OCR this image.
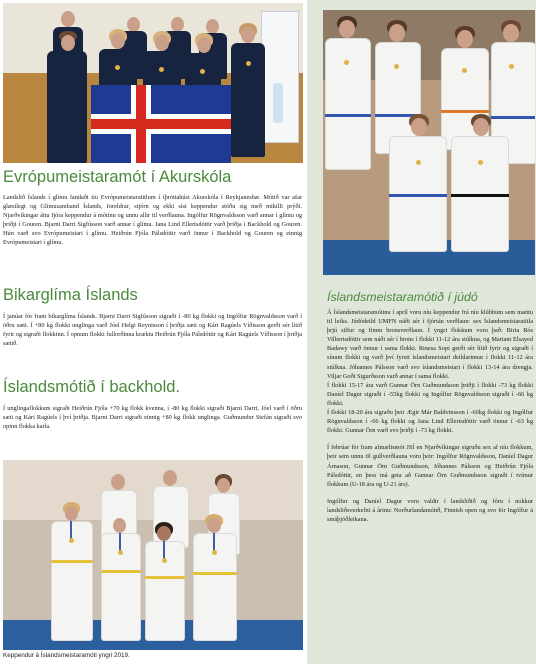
Evrópumeistaramót í Akurskóla

Landslið Íslands í glímu landaði tíu Evrópumeistaratitlum í íþróttahúsi Akurskóla í Reykjanesbæ. Mótið var afar glæsilegt og Glímusamband Íslands, foreldrar, stjórn og ekki síst keppendur stóðu sig með mikilli prýði. Njarðvíkingar áttu fjóra keppendur á mótinu og unnu allir til verðlauna. Ingólfur Rögnvaldsson varð annar í glímu og þriðji í Gouren. Bjarni Darri Sigfússon varð annar í glímu. Jana Lind Ellertsdóttir varð þriðja í Backhold og Gouren. Hún varð svo Evrópumeistari í glímu. Heiðrún Fjóla Pálsdóttir varð önnur í Backhold og Gouren og einnig Evrópumeistari í glímu.

Bikarglíma Íslands

Í janúar fór fram bikarglíma Íslands. Bjarni Darri Sigfússon sigraði í -80 kg flokki og Ingólfur Rögnvaldsson varð í öðru sæti. Í +80 kg flokki unglinga varð Jóel Helgi Reynisson í þriðja sæti og Kári Ragúels Víðisson gerði sér lítið fyrir og sigraði flokkinn. Í opnum flokki fullorðinna kræktu Heiðrún Fjóla Pálsdóttir og Kári Ragúels Víðisson í þriðja sætið.

Íslandsmótið í backhold.

Í unglingaflokkum sigraði Heiðrún Fjóla +70 kg flokk kvenna, í -80 kg flokki sigraði Bjarni Darri, Jóel varð í öðru sæti og Kári Ragúels í því þriðja. Bjarni Darri sigraði einnig +80 kg flokk unglinga. Guðmundur Stefán sigraði svo opinn flokka karla.

Keppendur á Íslandsmeistaramóti yngri 2019.
Íslandsmeistaramótið í júdó

Á Íslandsmeistaramótinu í apríl voru níu keppendur frá níu klúbbum sem mættu til leiks. Júdódeild UMFN náði sér í fjórtán verðlaun: sex Íslandsmeistaratitla þrjú silfur og fimm bronsverðlaun. Í yngri flokkum voru það: Birta Rós Vilbertsdóttir sem náði sér í brons í flokki 11-12 ára stúlkna, og Mariam Elsayed Badawy varð önnur í sama flokki. Rinesa Sopi gerði sér lítið fyrir og sigraði í sínum flokki og varð því fyrsti íslandsmeistari deildarinnar í flokki 11-12 ára stúlkna. Jóhannes Pálsson varð svo íslandsmeistari í flokki 13-14 ára drengja. Viljar Goði Sigurðsson varð annar í sama flokki.

Í flokki 15-17 ára varð Gunnar Örn Guðmundsson þriðji í flokki -73 kg flokki Daníel Dagur sigraði í -55kg flokki og Ingólfur Rögnvaldsson sigraði í -66 kg flokki.

Í flokki 18-20 ára sigraðu þeir Ægir Már Baldvinsson í -60kg flokki og Ingólfur Rögnvaldsson í -66 kg flokki og Jana Lind Ellertsdóttir varð önnur í -63 kg flokki. Gunnar Örn varð svo þriðji í -73 kg flokki.

Í febrúar fór fram afmælismót JSÍ en Njarðvíkingar sigruðu sex af níu flokkum, þeir sem unnu til gullverðlauna voru þeir: Ingólfur Rögnvaldsson, Daníel Dagur Árnason, Gunnar Örn Guðmundsson, Jóhannes Pálsson og Heiðrún Fjóla Pálsdóttir, en þess má geta að Gunnar Örn Guðmundsson sigraði í tvímur flokkum (U-18 ára og U-21 árs).

Ingólfur og Daníel Dagur voru valdir í landsliðið og fóru í nokkur landsliðsverkefni á árinu: Norðurlandamótið, Finnish open og svo fór Ingólfur á smáþjóðleikana.
